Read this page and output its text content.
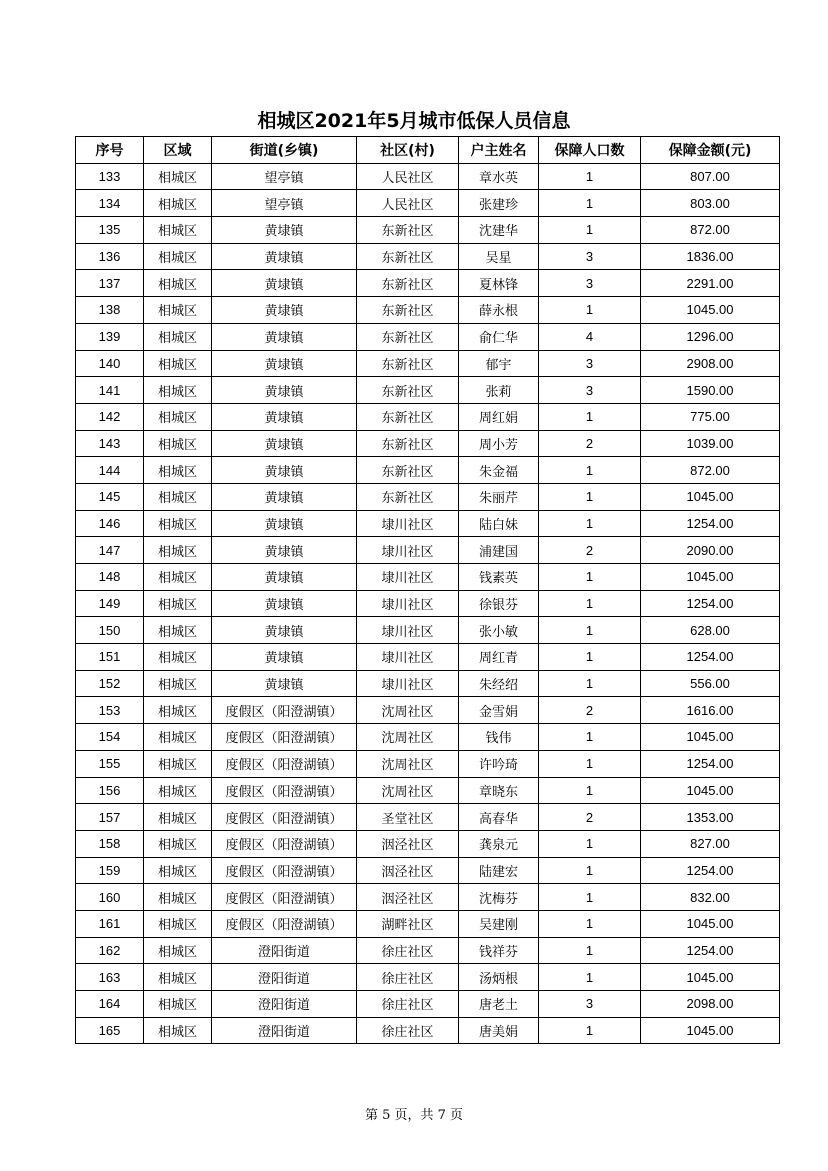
相城区2021年5月城市低保人员信息
序号	区域	街道(乡镇)	社区(村)	户主姓名	保障人口数	保障金额(元)
133	相城区	望亭镇	人民社区	章水英	1	807.00
134	相城区	望亭镇	人民社区	张建珍	1	803.00
135	相城区	黄埭镇	东新社区	沈建华	1	872.00
136	相城区	黄埭镇	东新社区	吴星	3	1836.00
137	相城区	黄埭镇	东新社区	夏林锋	3	2291.00
138	相城区	黄埭镇	东新社区	薛永根	1	1045.00
139	相城区	黄埭镇	东新社区	俞仁华	4	1296.00
140	相城区	黄埭镇	东新社区	郁宇	3	2908.00
141	相城区	黄埭镇	东新社区	张莉	3	1590.00
142	相城区	黄埭镇	东新社区	周红娟	1	775.00
143	相城区	黄埭镇	东新社区	周小芳	2	1039.00
144	相城区	黄埭镇	东新社区	朱金福	1	872.00
145	相城区	黄埭镇	东新社区	朱丽芹	1	1045.00
146	相城区	黄埭镇	埭川社区	陆白妹	1	1254.00
147	相城区	黄埭镇	埭川社区	浦建国	2	2090.00
148	相城区	黄埭镇	埭川社区	钱素英	1	1045.00
149	相城区	黄埭镇	埭川社区	徐银芬	1	1254.00
150	相城区	黄埭镇	埭川社区	张小敏	1	628.00
151	相城区	黄埭镇	埭川社区	周红青	1	1254.00
152	相城区	黄埭镇	埭川社区	朱经绍	1	556.00
153	相城区	度假区（阳澄湖镇）	沈周社区	金雪娟	2	1616.00
154	相城区	度假区（阳澄湖镇）	沈周社区	钱伟	1	1045.00
155	相城区	度假区（阳澄湖镇）	沈周社区	许吟琦	1	1254.00
156	相城区	度假区（阳澄湖镇）	沈周社区	章晓东	1	1045.00
157	相城区	度假区（阳澄湖镇）	圣堂社区	高春华	2	1353.00
158	相城区	度假区（阳澄湖镇）	洇泾社区	龚泉元	1	827.00
159	相城区	度假区（阳澄湖镇）	洇泾社区	陆建宏	1	1254.00
160	相城区	度假区（阳澄湖镇）	洇泾社区	沈梅芬	1	832.00
161	相城区	度假区（阳澄湖镇）	湖畔社区	吴建刚	1	1045.00
162	相城区	澄阳街道	徐庄社区	钱祥芬	1	1254.00
163	相城区	澄阳街道	徐庄社区	汤炳根	1	1045.00
164	相城区	澄阳街道	徐庄社区	唐老土	3	2098.00
165	相城区	澄阳街道	徐庄社区	唐美娟	1	1045.00
第 5 页，共 7 页
